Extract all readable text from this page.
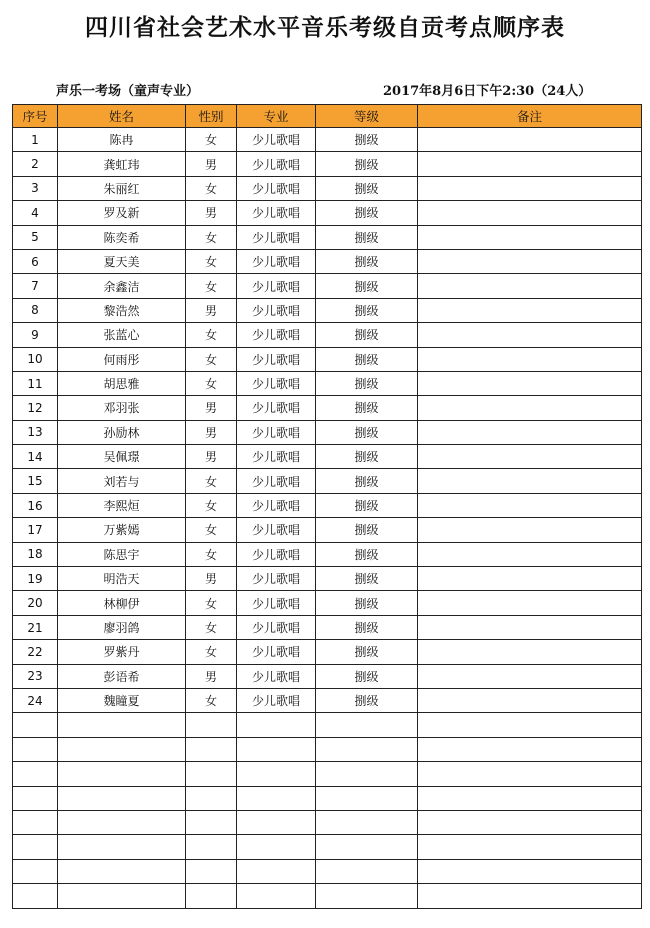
四川省社会艺术水平音乐考级自贡考点顺序表
声乐一考场（童声专业）	2017年8月6日下午2:30（24人）
序号	姓名	性别	专业	等级	备注
1	陈冉	女	少儿歌唱	捌级	
2	龚虹玮	男	少儿歌唱	捌级	
3	朱丽红	女	少儿歌唱	捌级	
4	罗及新	男	少儿歌唱	捌级	
5	陈奕希	女	少儿歌唱	捌级	
6	夏天美	女	少儿歌唱	捌级	
7	余鑫洁	女	少儿歌唱	捌级	
8	黎浩然	男	少儿歌唱	捌级	
9	张蓝心	女	少儿歌唱	捌级	
10	何雨彤	女	少儿歌唱	捌级	
11	胡思雅	女	少儿歌唱	捌级	
12	邓羽张	男	少儿歌唱	捌级	
13	孙励林	男	少儿歌唱	捌级	
14	吴佩璟	男	少儿歌唱	捌级	
15	刘若与	女	少儿歌唱	捌级	
16	李熙烜	女	少儿歌唱	捌级	
17	万紫嫣	女	少儿歌唱	捌级	
18	陈思宇	女	少儿歌唱	捌级	
19	明浩天	男	少儿歌唱	捌级	
20	林柳伊	女	少儿歌唱	捌级	
21	廖羽鸽	女	少儿歌唱	捌级	
22	罗紫丹	女	少儿歌唱	捌级	
23	彭语希	男	少儿歌唱	捌级	
24	魏瞳夏	女	少儿歌唱	捌级	
